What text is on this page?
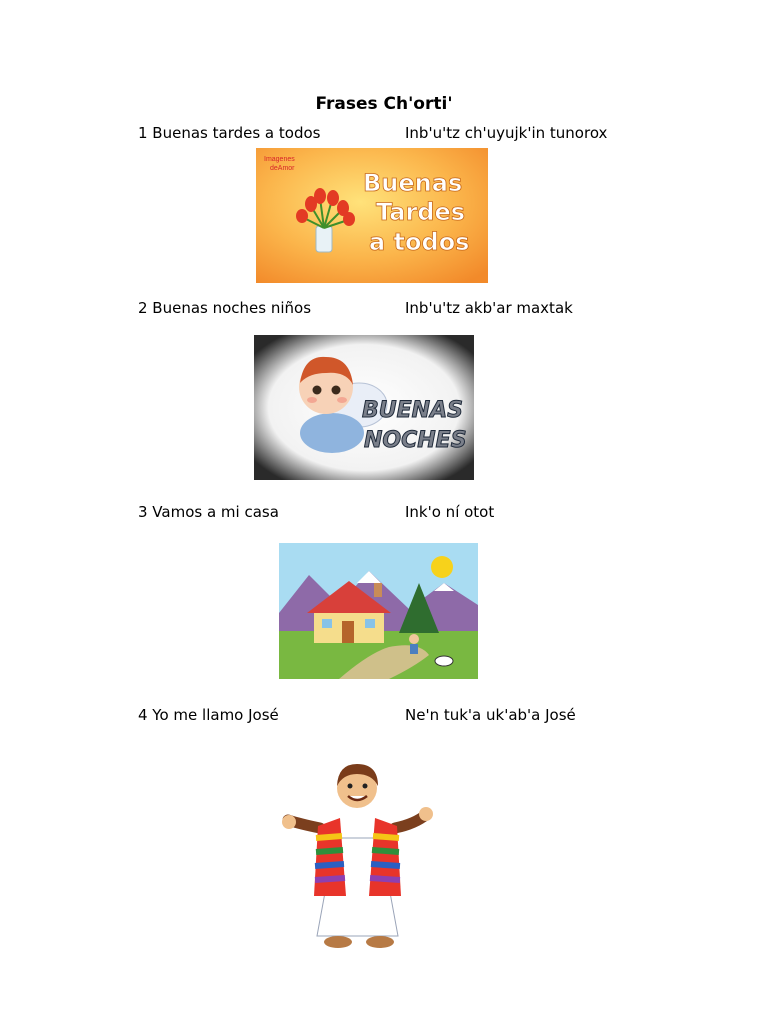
Frases Ch'orti'
1 Buenas tardes a todos	Inb'u'tz ch'uyujk'in tunorox
Imagenes
deAmor
Buenas
Tardes
a todos
2 Buenas noches niños	Inb'u'tz akb'ar maxtak
BUENAS
NOCHES
3 Vamos a mi casa	Ink'o ní otot
4 Yo me llamo José	Ne'n tuk'a uk'ab'a José
